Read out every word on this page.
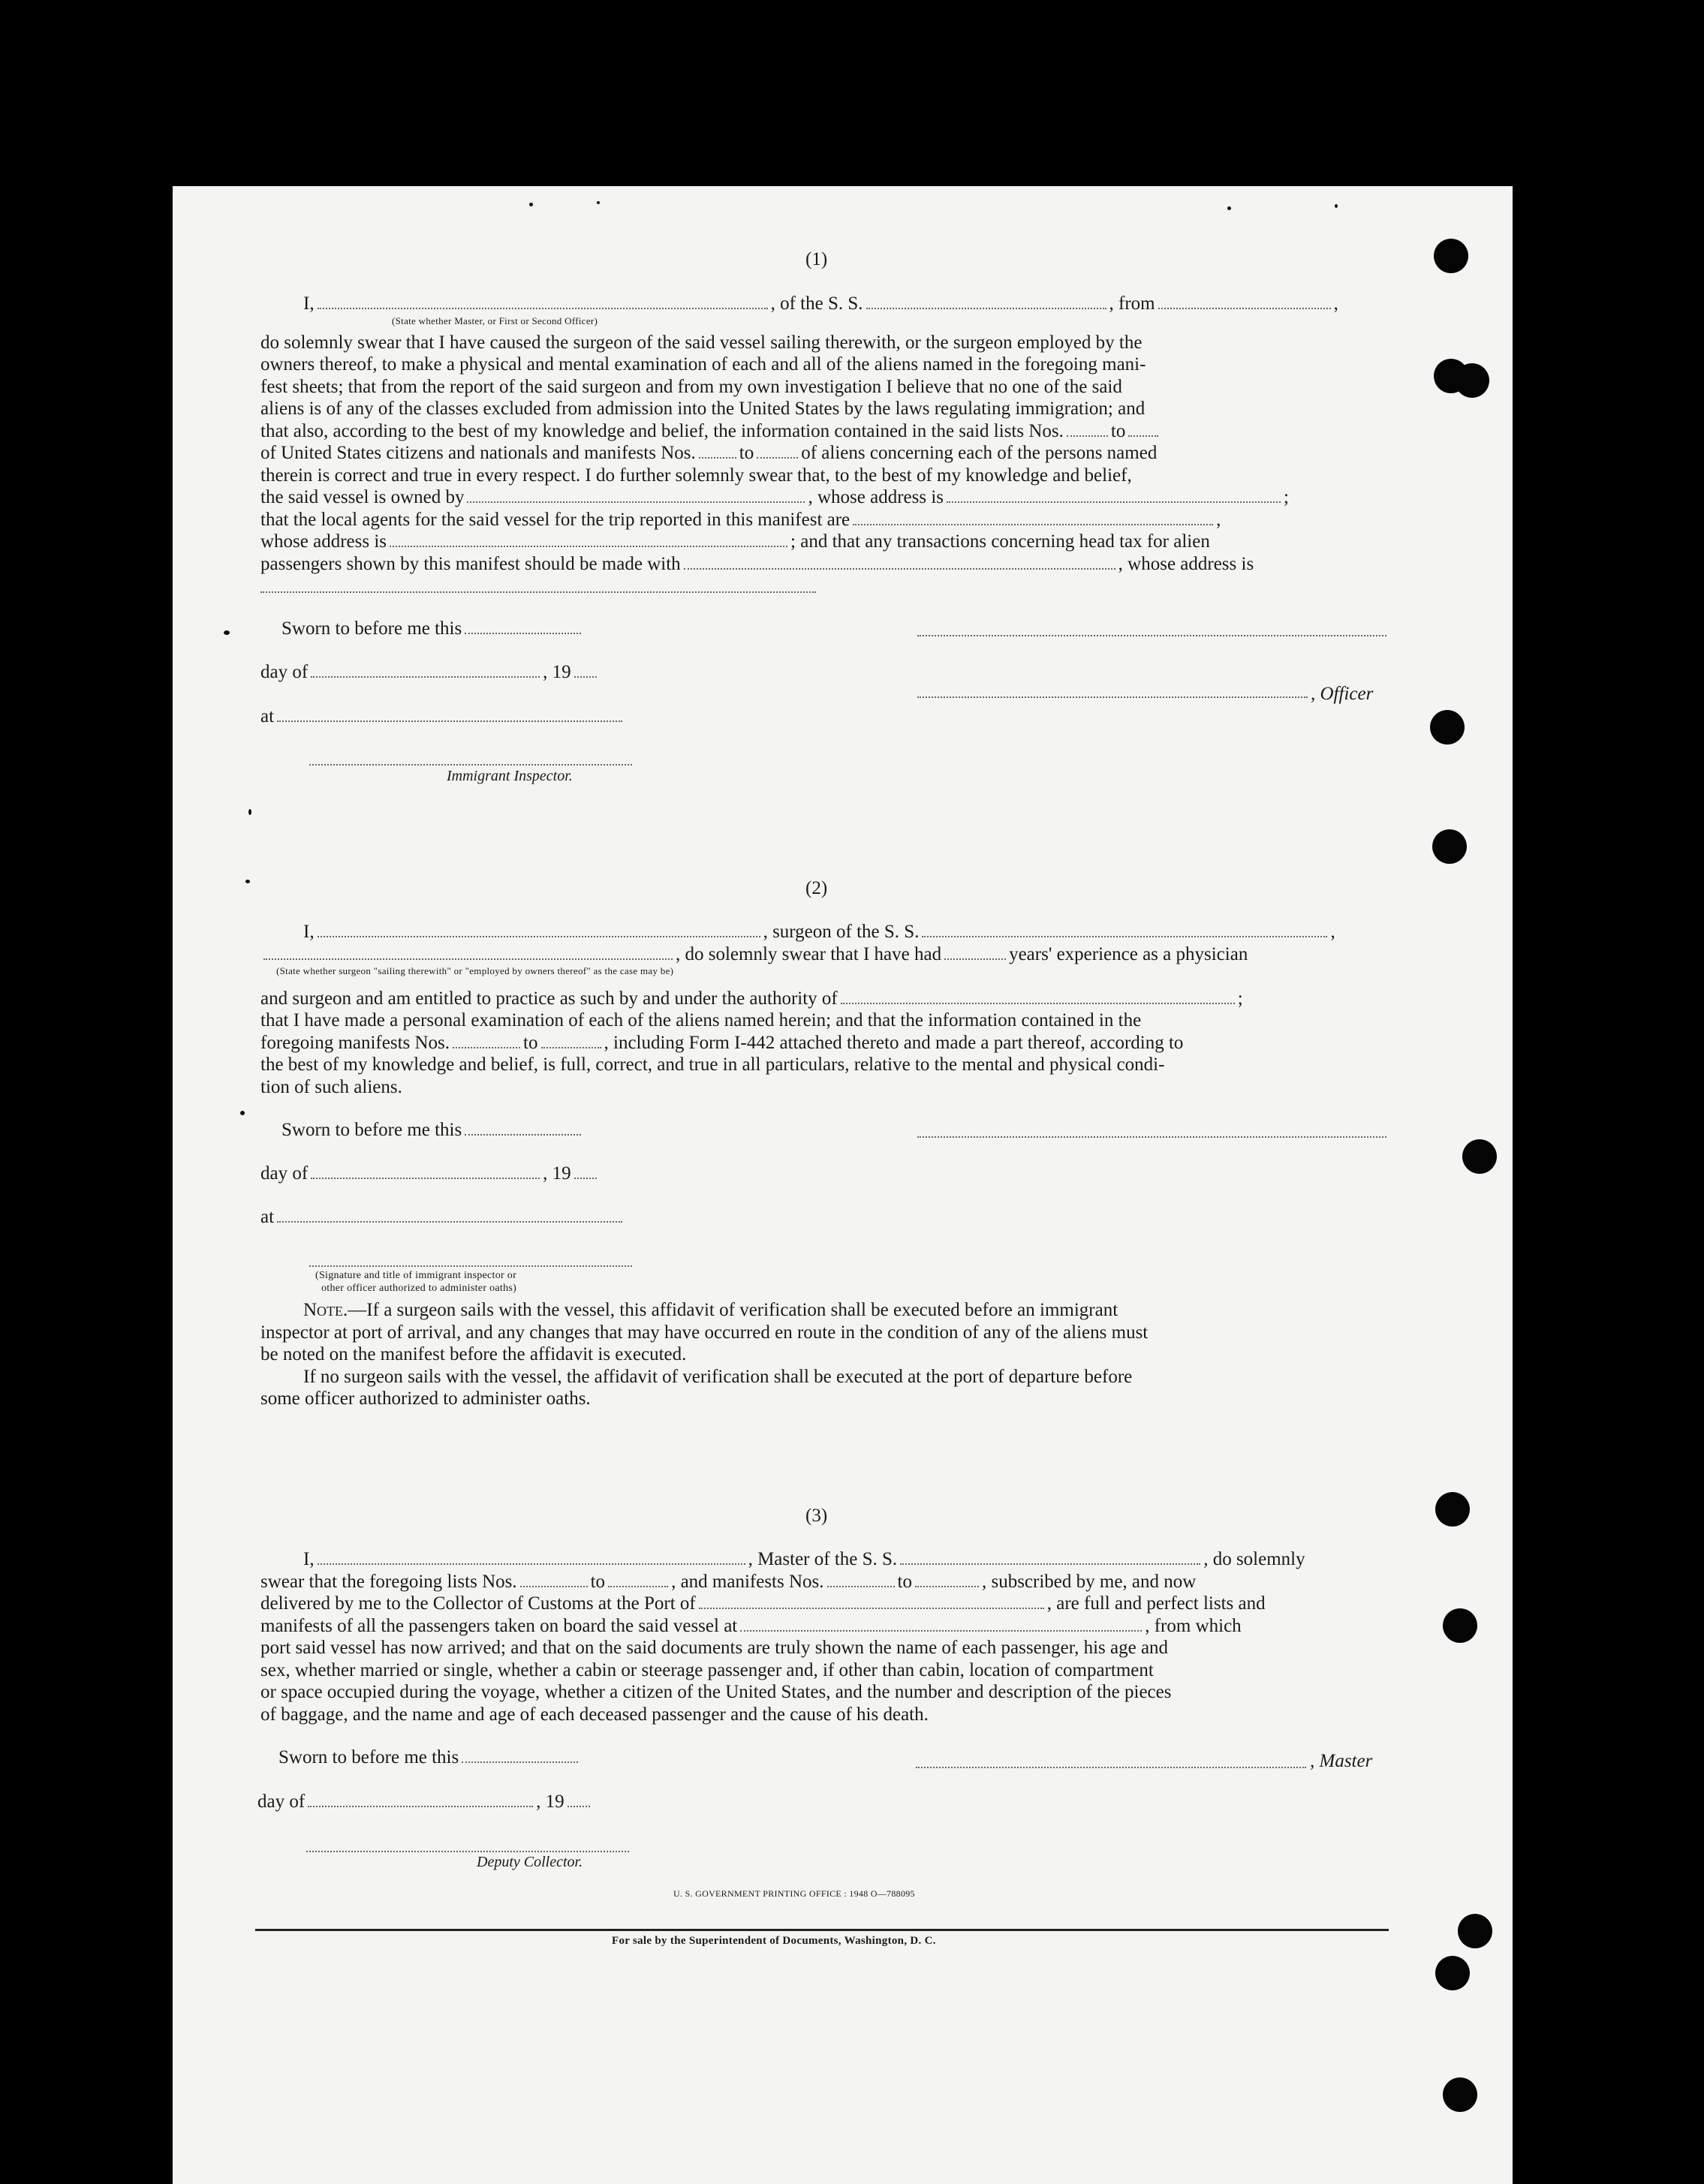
(1)
I,	, of the S. S.	, from	,
(State whether Master, or First or Second Officer)
do solemnly swear that I have caused the surgeon of the said vessel sailing therewith, or the surgeon employed by the
owners thereof, to make a physical and mental examination of each and all of the aliens named in the foregoing mani-
fest sheets; that from the report of the said surgeon and from my own investigation I believe that no one of the said
aliens is of any of the classes excluded from admission into the United States by the laws regulating immigration; and
that also, according to the best of my knowledge and belief, the information contained in the said lists Nos.	to
of United States citizens and nationals and manifests Nos. to	of aliens concerning each of the persons named
therein is correct and true in every respect. I do further solemnly swear that, to the best of my knowledge and belief,
the said vessel is owned by	, whose address is	;
that the local agents for the said vessel for the trip reported in this manifest are	,
whose address is	; and that any transactions concerning head tax for alien
passengers shown by this manifest should be made with	, whose address is
Sworn to before me this
day of	, 19
, Officer
at
Immigrant Inspector.
(2)
I,	, surgeon of the S. S.	,
, do solemnly swear that I have had	years' experience as a physician
(State whether surgeon "sailing therewith" or "employed by owners thereof" as the case may be)
and surgeon and am entitled to practice as such by and under the authority of	;
that I have made a personal examination of each of the aliens named herein; and that the information contained in the
foregoing manifests Nos.	to	, including Form I-442 attached thereto and made a part thereof, according to
the best of my knowledge and belief, is full, correct, and true in all particulars, relative to the mental and physical condi-
tion of such aliens.
Sworn to before me this
day of	, 19
at
(Signature and title of immigrant inspector or
other officer authorized to administer oaths)
Note.—If a surgeon sails with the vessel, this affidavit of verification shall be executed before an immigrant
inspector at port of arrival, and any changes that may have occurred en route in the condition of any of the aliens must
be noted on the manifest before the affidavit is executed.
If no surgeon sails with the vessel, the affidavit of verification shall be executed at the port of departure before
some officer authorized to administer oaths.
(3)
I,	, Master of the S. S.	, do solemnly
swear that the foregoing lists Nos.	to	, and manifests Nos.	to	, subscribed by me, and now
delivered by me to the Collector of Customs at the Port of	, are full and perfect lists and
manifests of all the passengers taken on board the said vessel at	, from which
port said vessel has now arrived; and that on the said documents are truly shown the name of each passenger, his age and
sex, whether married or single, whether a cabin or steerage passenger and, if other than cabin, location of compartment
or space occupied during the voyage, whether a citizen of the United States, and the number and description of the pieces
of baggage, and the name and age of each deceased passenger and the cause of his death.
Sworn to before me this	, Master
day of	, 19
Deputy Collector.
U. S. GOVERNMENT PRINTING OFFICE : 1948 O—788095
For sale by the Superintendent of Documents, Washington, D. C.
